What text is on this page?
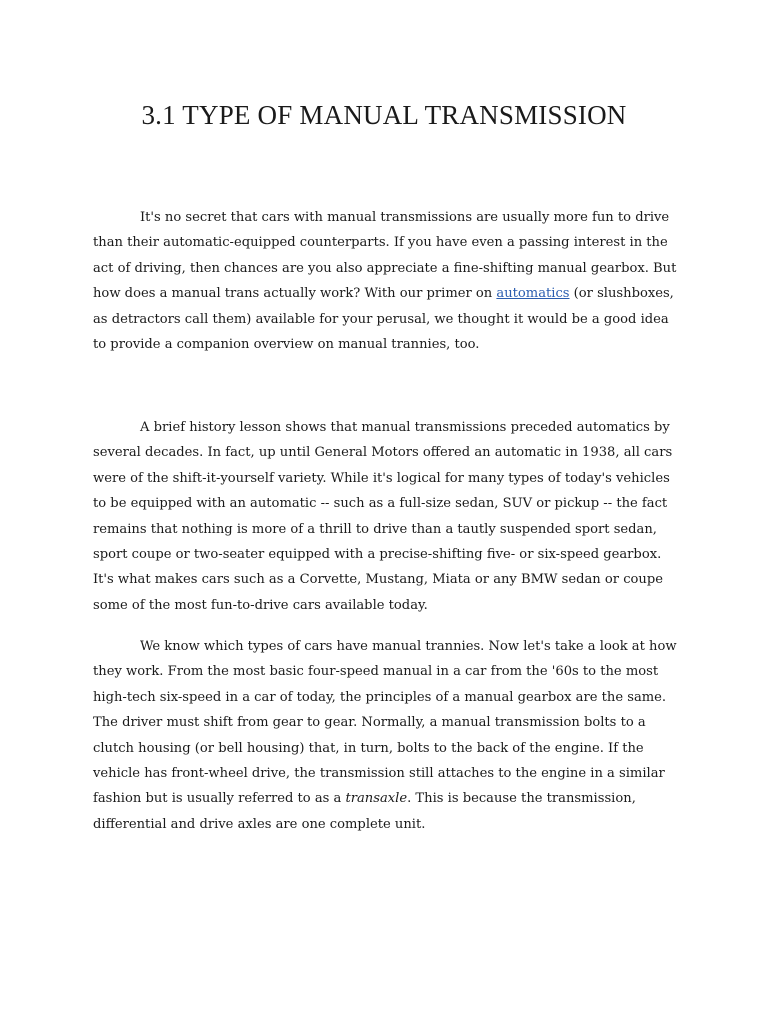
3.1 TYPE OF MANUAL TRANSMISSION

It's no secret that cars with manual transmissions are usually more fun to drive than their automatic-equipped counterparts. If you have even a passing interest in the act of driving, then chances are you also appreciate a fine-shifting manual gearbox. But how does a manual trans actually work? With our primer on automatics (or slushboxes, as detractors call them) available for your perusal, we thought it would be a good idea to provide a companion overview on manual trannies, too.

A brief history lesson shows that manual transmissions preceded automatics by several decades. In fact, up until General Motors offered an automatic in 1938, all cars were of the shift-it-yourself variety. While it's logical for many types of today's vehicles to be equipped with an automatic -- such as a full-size sedan, SUV or pickup -- the fact remains that nothing is more of a thrill to drive than a tautly suspended sport sedan, sport coupe or two-seater equipped with a precise-shifting five- or six-speed gearbox. It's what makes cars such as a Corvette, Mustang, Miata or any BMW sedan or coupe some of the most fun-to-drive cars available today.

We know which types of cars have manual trannies. Now let's take a look at how they work. From the most basic four-speed manual in a car from the '60s to the most high-tech six-speed in a car of today, the principles of a manual gearbox are the same. The driver must shift from gear to gear. Normally, a manual transmission bolts to a clutch housing (or bell housing) that, in turn, bolts to the back of the engine. If the vehicle has front-wheel drive, the transmission still attaches to the engine in a similar fashion but is usually referred to as a transaxle. This is because the transmission, differential and drive axles are one complete unit.
